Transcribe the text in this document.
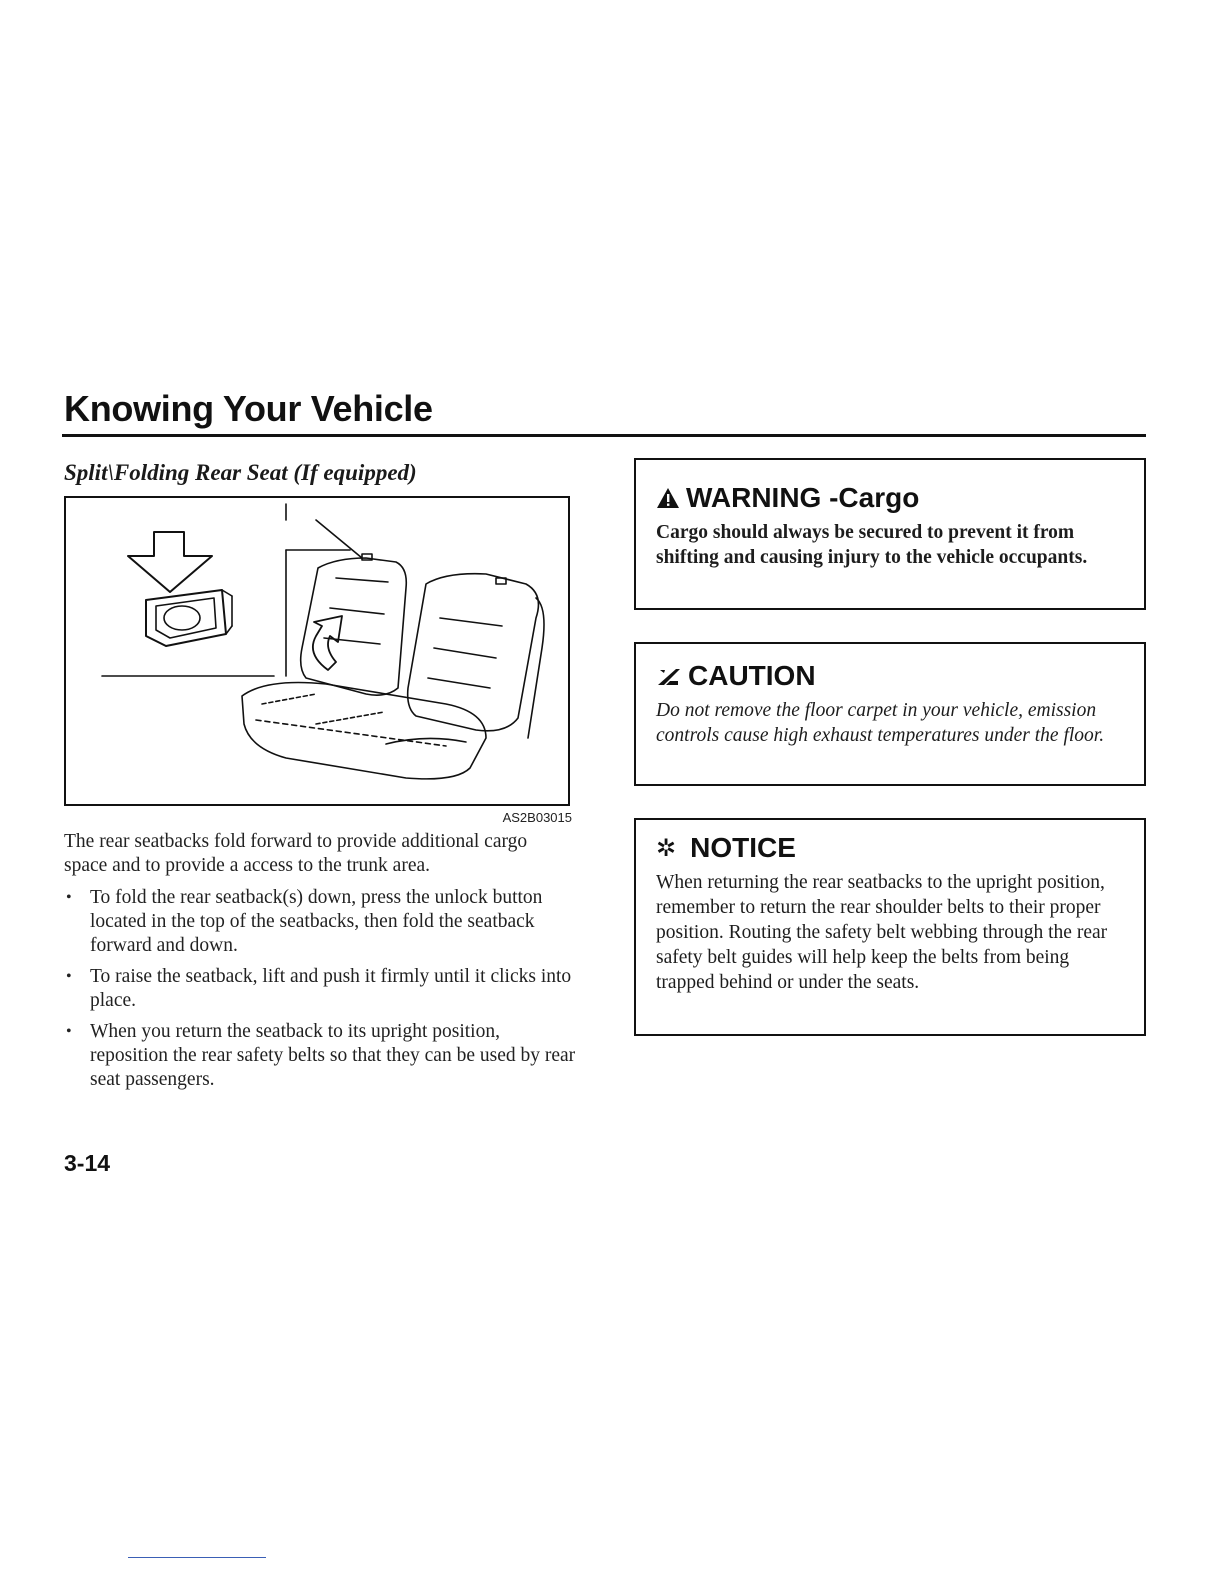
Knowing Your Vehicle
Split\Folding Rear Seat (If equipped)
AS2B03015

The rear seatbacks fold forward to provide additional cargo space and to provide a access to the trunk area.

• To fold the rear seatback(s) down, press the unlock button located in the top of the seatbacks, then fold the seatback forward and down.
• To raise the seatback, lift and push it firmly until it clicks into place.
• When you return the seatback to its upright position, reposition the rear safety belts so that they can be used by rear seat passengers.
WARNING -Cargo

Cargo should always be secured to prevent it from shifting and causing injury to the vehicle occupants.

CAUTION

Do not remove the floor carpet in your vehicle, emission controls cause high exhaust temperatures under the floor.

✲ NOTICE

When returning the rear seatbacks to the upright position, remember to return the rear shoulder belts to their proper position. Routing the safety belt webbing through the rear safety belt guides will help keep the belts from being trapped behind or under the seats.

3-14
